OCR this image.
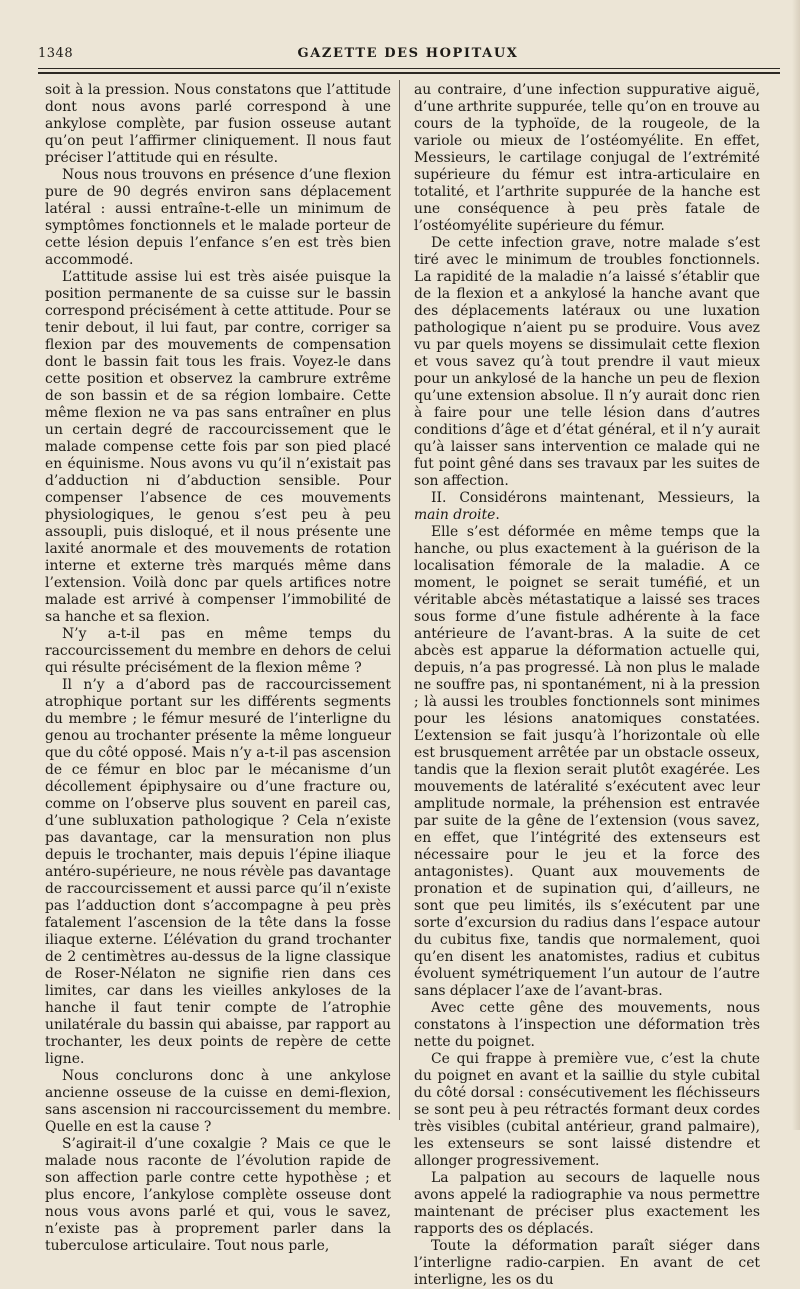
1348	GAZETTE DES HOPITAUX

soit à la pression. Nous constatons que l’attitude dont nous avons parlé correspond à une ankylose complète, par fusion osseuse autant qu’on peut l’affirmer cliniquement. Il nous faut préciser l’attitude qui en résulte.

Nous nous trouvons en présence d’une flexion pure de 90 degrés environ sans déplacement latéral : aussi entraîne-t-elle un minimum de symptômes fonctionnels et le malade porteur de cette lésion depuis l’enfance s’en est très bien accommodé.

L’attitude assise lui est très aisée puisque la position permanente de sa cuisse sur le bassin correspond précisément à cette attitude. Pour se tenir debout, il lui faut, par contre, corriger sa flexion par des mouvements de compensation dont le bassin fait tous les frais. Voyez-le dans cette position et observez la cambrure extrême de son bassin et de sa région lombaire. Cette même flexion ne va pas sans entraîner en plus un certain degré de raccourcissement que le malade compense cette fois par son pied placé en équinisme. Nous avons vu qu’il n’existait pas d’adduction ni d’abduction sensible. Pour compenser l’absence de ces mouvements physiologiques, le genou s’est peu à peu assoupli, puis disloqué, et il nous présente une laxité anormale et des mouvements de rotation interne et externe très marqués même dans l’extension. Voilà donc par quels artifices notre malade est arrivé à compenser l’immobilité de sa hanche et sa flexion.

N’y a-t-il pas en même temps du raccourcissement du membre en dehors de celui qui résulte précisément de la flexion même ?

Il n’y a d’abord pas de raccourcissement atrophique portant sur les différents segments du membre ; le fémur mesuré de l’interligne du genou au trochanter présente la même longueur que du côté opposé. Mais n’y a-t-il pas ascension de ce fémur en bloc par le mécanisme d’un décollement épiphysaire ou d’une fracture ou, comme on l’observe plus souvent en pareil cas, d’une subluxation pathologique ? Cela n’existe pas davantage, car la mensuration non plus depuis le trochanter, mais depuis l’épine iliaque antéro-supérieure, ne nous révèle pas davantage de raccourcissement et aussi parce qu’il n’existe pas l’adduction dont s’accompagne à peu près fatalement l’ascension de la tête dans la fosse iliaque externe. L’élévation du grand trochanter de 2 centimètres au-dessus de la ligne classique de Roser-Nélaton ne signifie rien dans ces limites, car dans les vieilles ankyloses de la hanche il faut tenir compte de l’atrophie unilatérale du bassin qui abaisse, par rapport au trochanter, les deux points de repère de cette ligne.

Nous conclurons donc à une ankylose ancienne osseuse de la cuisse en demi-flexion, sans ascension ni raccourcissement du membre. Quelle en est la cause ?

S’agirait-il d’une coxalgie ? Mais ce que le malade nous raconte de l’évolution rapide de son affection parle contre cette hypothèse ; et plus encore, l’ankylose complète osseuse dont nous vous avons parlé et qui, vous le savez, n’existe pas à proprement parler dans la tuberculose articulaire. Tout nous parle,

au contraire, d’une infection suppurative aiguë, d’une arthrite suppurée, telle qu’on en trouve au cours de la typhoïde, de la rougeole, de la variole ou mieux de l’ostéomyélite. En effet, Messieurs, le cartilage conjugal de l’extrémité supérieure du fémur est intra-articulaire en totalité, et l’arthrite suppurée de la hanche est une conséquence à peu près fatale de l’ostéomyélite supérieure du fémur.

De cette infection grave, notre malade s’est tiré avec le minimum de troubles fonctionnels. La rapidité de la maladie n’a laissé s’établir que de la flexion et a ankylosé la hanche avant que des déplacements latéraux ou une luxation pathologique n’aient pu se produire. Vous avez vu par quels moyens se dissimulait cette flexion et vous savez qu’à tout prendre il vaut mieux pour un ankylosé de la hanche un peu de flexion qu’une extension absolue. Il n’y aurait donc rien à faire pour une telle lésion dans d’autres conditions d’âge et d’état général, et il n’y aurait qu’à laisser sans intervention ce malade qui ne fut point gêné dans ses travaux par les suites de son affection.

II. Considérons maintenant, Messieurs, la main droite.

Elle s’est déformée en même temps que la hanche, ou plus exactement à la guérison de la localisation fémorale de la maladie. A ce moment, le poignet se serait tuméfié, et un véritable abcès métastatique a laissé ses traces sous forme d’une fistule adhérente à la face antérieure de l’avant-bras. A la suite de cet abcès est apparue la déformation actuelle qui, depuis, n’a pas progressé. Là non plus le malade ne souffre pas, ni spontanément, ni à la pression ; là aussi les troubles fonctionnels sont minimes pour les lésions anatomiques constatées. L’extension se fait jusqu’à l’horizontale où elle est brusquement arrêtée par un obstacle osseux, tandis que la flexion serait plutôt exagérée. Les mouvements de latéralité s’exécutent avec leur amplitude normale, la préhension est entravée par suite de la gêne de l’extension (vous savez, en effet, que l’intégrité des extenseurs est nécessaire pour le jeu et la force des antagonistes). Quant aux mouvements de pronation et de supination qui, d’ailleurs, ne sont que peu limités, ils s’exécutent par une sorte d’excursion du radius dans l’espace autour du cubitus fixe, tandis que normalement, quoi qu’en disent les anatomistes, radius et cubitus évoluent symétriquement l’un autour de l’autre sans déplacer l’axe de l’avant-bras.

Avec cette gêne des mouvements, nous constatons à l’inspection une déformation très nette du poignet.

Ce qui frappe à première vue, c’est la chute du poignet en avant et la saillie du style cubital du côté dorsal : consécutivement les fléchisseurs se sont peu à peu rétractés formant deux cordes très visibles (cubital antérieur, grand palmaire), les extenseurs se sont laissé distendre et allonger progressivement.

La palpation au secours de laquelle nous avons appelé la radiographie va nous permettre maintenant de préciser plus exactement les rapports des os déplacés.

Toute la déformation paraît siéger dans l’interligne radio-carpien. En avant de cet interligne, les os du
